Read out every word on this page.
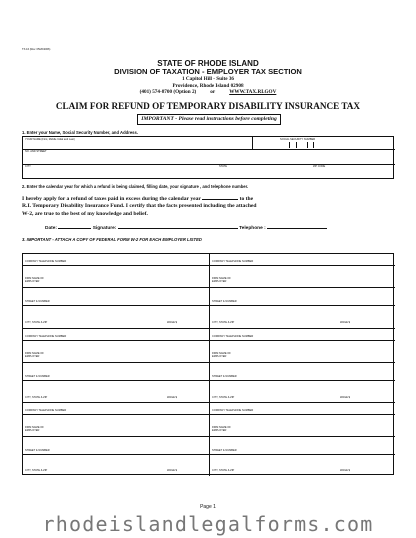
TX-16 (Rev. 05/26/2006)
STATE OF RHODE ISLAND
DIVISION OF TAXATION - EMPLOYER TAX SECTION
1 Capitol Hill - Suite 36
Providence, Rhode Island 02908
(401) 574-8700 (Option 2)	or	WWW.TAX.RI.GOV
CLAIM FOR REFUND OF TEMPORARY DISABILITY INSURANCE TAX
IMPORTANT - Please read instructions before completing
1. Enter your Name, Social Security Number, and Address.
YOUR NAME (First, Middle Initial and Last)	SOCIAL SECURITY NUMBER
NO. AND STREET
CITY	STATE	ZIP CODE
2. Enter the calendar year for which a refund is being claimed, filling date, your signature , and telephone number.
I hereby apply for a refund of taxes paid in excess during the calendar year	to the
R.I. Temporary Disability Insurance Fund. I certify that the facts presented including the attached
W-2, are true to the best of my knowledge and belief.
Date:	Signature:	Telephone :
3. IMPORTANT - ATTACH A COPY OF FEDERAL FORM W-2 FOR EACH EMPLOYER LISTED
COMPANY TELEPHONE NUMBER
FIRM NAME OF
EMPLOYER
STREET & NUMBER
CITY, STATE & ZIP	WAGE $
COMPANY TELEPHONE NUMBER
FIRM NAME OF
EMPLOYER
STREET & NUMBER
CITY, STATE & ZIP	WAGE $
COMPANY TELEPHONE NUMBER
FIRM NAME OF
EMPLOYER
STREET & NUMBER
CITY, STATE & ZIP	WAGE $
COMPANY TELEPHONE NUMBER
FIRM NAME OF
EMPLOYER
STREET & NUMBER
CITY, STATE & ZIP	WAGE $
COMPANY TELEPHONE NUMBER
FIRM NAME OF
EMPLOYER
STREET & NUMBER
CITY, STATE & ZIP	WAGE $
COMPANY TELEPHONE NUMBER
FIRM NAME OF
EMPLOYER
STREET & NUMBER
CITY, STATE & ZIP	WAGE $
Page 1
rhodeislandlegalforms.com
